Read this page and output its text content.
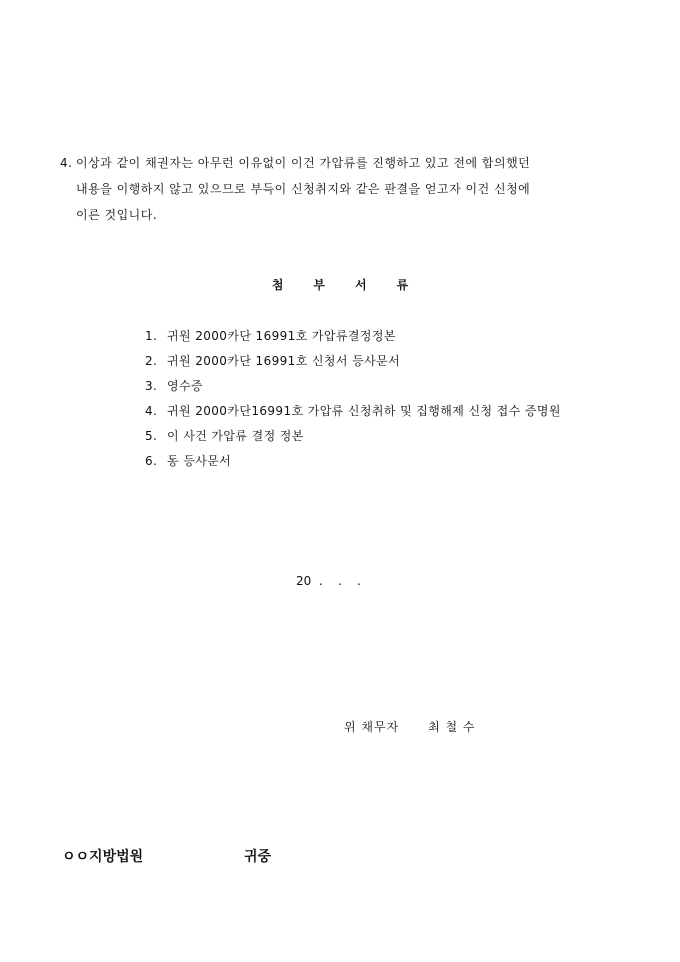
4. 이상과 같이 채권자는 아무런 이유없이 이건 가압류를 진행하고 있고 전에 합의했던
내용을 이행하지 않고 있으므로 부득이 신청취지와 같은 판결을 얻고자 이건 신청에
이른 것입니다.
첨부서류
1. 귀원 2000카단 16991호 가압류결정정본
2. 귀원 2000카단 16991호 신청서 등사문서
3. 영수증
4. 귀원 2000카단16991호 가압류 신청취하 및 집행해제 신청 접수 증명원
5. 이 사건 가압류 결정 정본
6. 동 등사문서
20  .    .    .
위 채무자 최 철 수
ㅇㅇ지방법원	귀중
